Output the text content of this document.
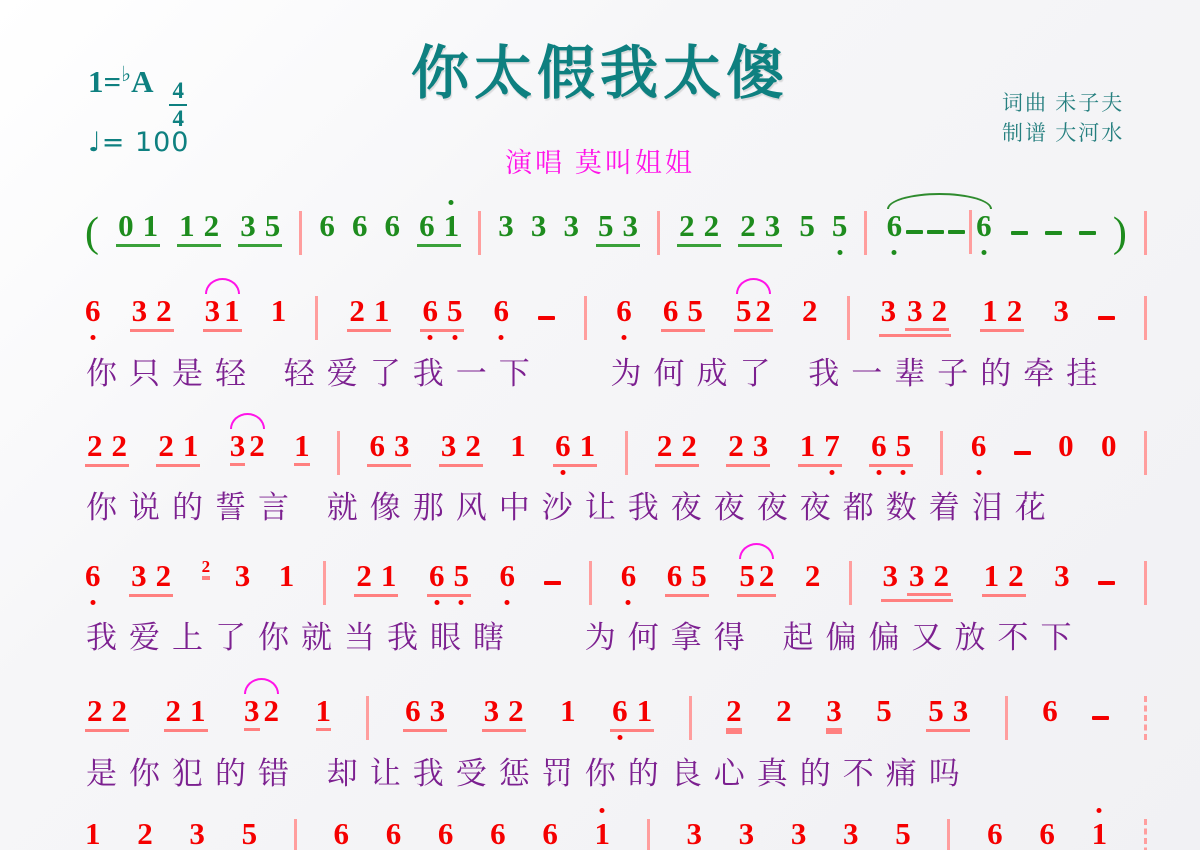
$1=^♭A \frac{4}{4}$
♩= 100
你太假我太傻	词曲 未子夫
制谱 大河水
演唱 莫叫姐姐
( 0 1 1 2 3 5 6 6 6 6 1 3 3 3 5 3 2 2 2 3 5 5 6 6	)
6 3 2 3 1 1 2 1 6 5 6	6 6 5 5 2 2 3 3 2 1 2 3
你只是轻 轻爱了我一下　 为何成了 我一辈子的牵挂
2 2 2 1 3 2 1 6 3 3 2 1 6 1 2 2 2 3 1 7 6 5 6 0 0
你说的誓言 就像那风中沙让我夜夜夜夜都数着泪花
6 3 2 2 3 1 2 1 6 5 6	6 6 5 5 2 2 3 3 2 1 2 3
我爱上了你就当我眼瞎　 为何拿得 起偏偏又放不下
2 2 2 1 3 2 1 6 3 3 2 1 6 1 2 2 3 5 5 3 6
是你犯的错 却让我受惩罚你的良心真的不痛吗
1 2 3 5 6 6 6 6 6 1 3 3 3 3 5 6 6 1
